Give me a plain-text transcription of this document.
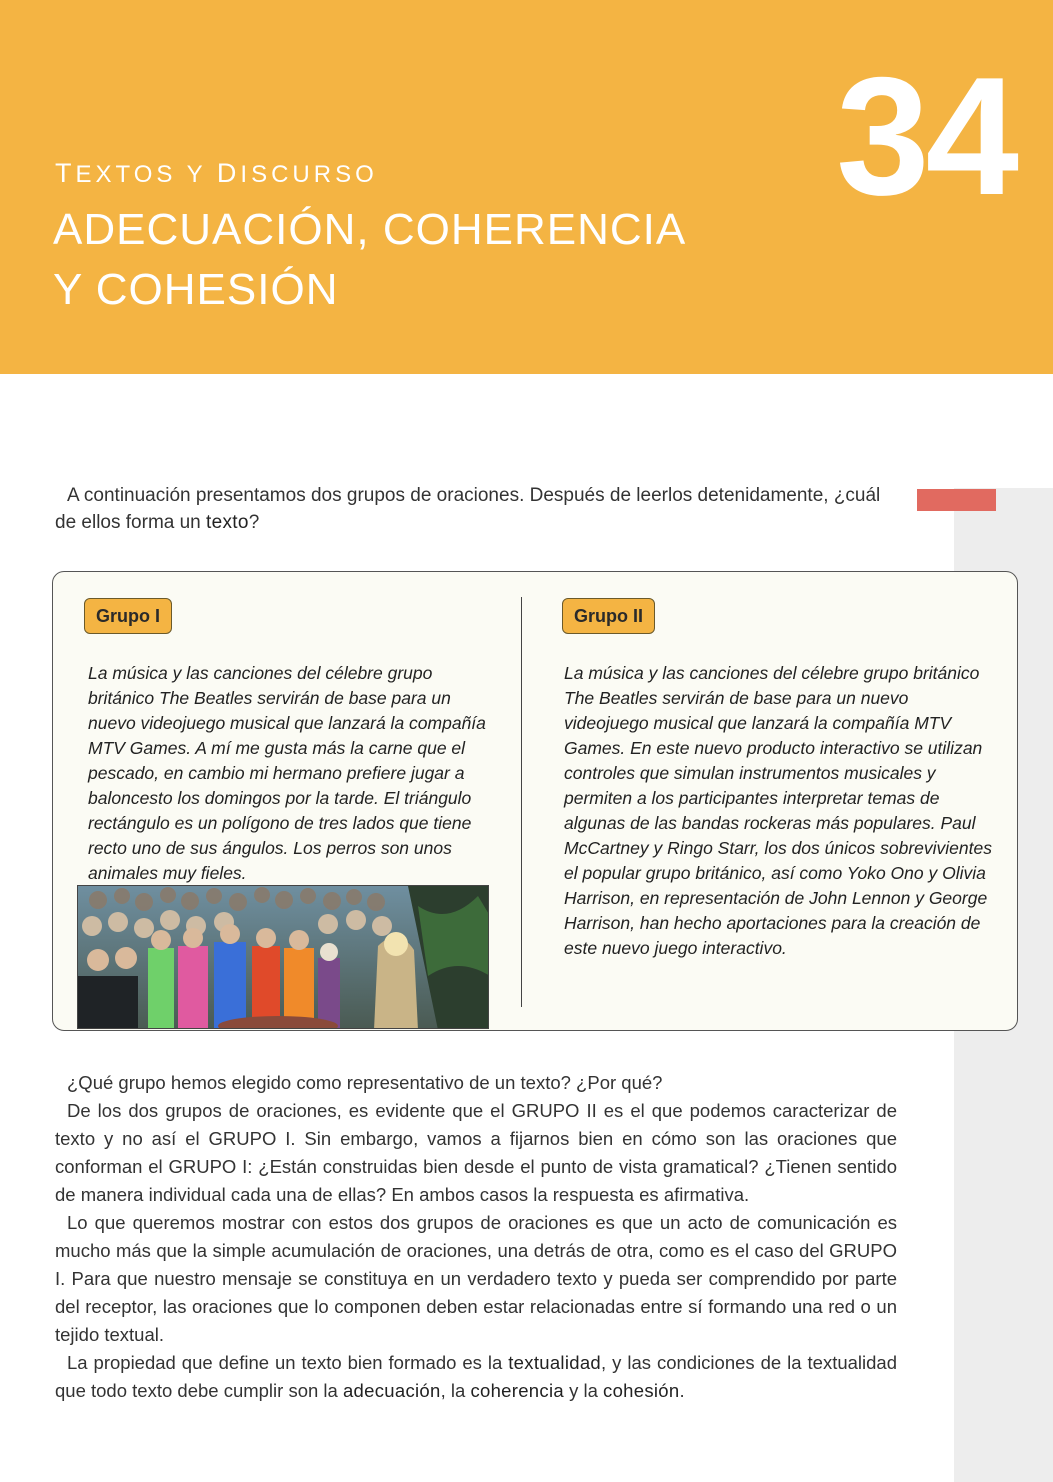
TEXTOS Y DISCURSO
ADECUACIÓN, COHERENCIA
Y COHESIÓN
34

A continuación presentamos dos grupos de oraciones. Después de leerlos detenidamente, ¿cuál de ellos forma un texto?

Grupo I
La música y las canciones del célebre grupo británico The Beatles servirán de base para un nuevo videojuego musical que lanzará la compañía MTV Games. A mí me gusta más la carne que el pescado, en cambio mi hermano prefiere jugar a baloncesto los domingos por la tarde. El triángulo rectángulo es un polígono de tres lados que tiene recto uno de sus ángulos. Los perros son unos animales muy fieles.
Grupo II
La música y las canciones del célebre grupo británico The Beatles servirán de base para un nuevo videojuego musical que lanzará la compañía MTV Games. En este nuevo producto interactivo se utilizan controles que simulan instrumentos musicales y permiten a los participantes interpretar temas de algunas de las bandas rockeras más populares. Paul McCartney y Ringo Starr, los dos únicos sobrevivientes el popular grupo británico, así como Yoko Ono y Olivia Harrison, en representación de John Lennon y George Harrison, han hecho aportaciones para la creación de este nuevo juego interactivo.

¿Qué grupo hemos elegido como representativo de un texto? ¿Por qué?

De los dos grupos de oraciones, es evidente que el GRUPO II es el que podemos caracterizar de texto y no así el GRUPO I. Sin embargo, vamos a fijarnos bien en cómo son las oraciones que conforman el GRUPO I: ¿Están construidas bien desde el punto de vista gramatical? ¿Tienen sentido de manera individual cada una de ellas? En ambos casos la respuesta es afirmativa.

Lo que queremos mostrar con estos dos grupos de oraciones es que un acto de comunicación es mucho más que la simple acumulación de oraciones, una detrás de otra, como es el caso del GRUPO I. Para que nuestro mensaje se constituya en un verdadero texto y pueda ser comprendido por parte del receptor, las oraciones que lo componen deben estar relacionadas entre sí formando una red o un tejido textual.

La propiedad que define un texto bien formado es la textualidad, y las condiciones de la textualidad que todo texto debe cumplir son la adecuación, la coherencia y la cohesión.
